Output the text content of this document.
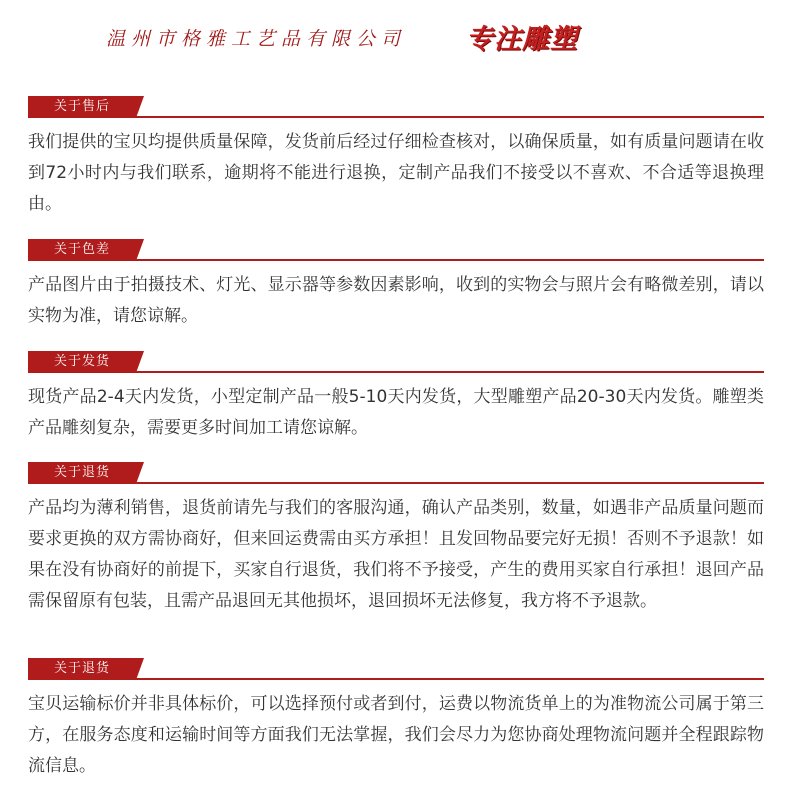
温州市格雅工艺品有限公司 专注雕塑
关于售后
我们提供的宝贝均提供质量保障，发货前后经过仔细检查核对，以确保质量，如有质量问题请在收到72小时内与我们联系，逾期将不能进行退换，定制产品我们不接受以不喜欢、不合适等退换理由。
关于色差
产品图片由于拍摄技术、灯光、显示器等参数因素影响，收到的实物会与照片会有略微差别，请以实物为准，请您谅解。
关于发货
现货产品2-4天内发货，小型定制产品一般5-10天内发货，大型雕塑产品20-30天内发货。雕塑类产品雕刻复杂，需要更多时间加工请您谅解。
关于退货
产品均为薄利销售，退货前请先与我们的客服沟通，确认产品类别，数量，如遇非产品质量问题而要求更换的双方需协商好，但来回运费需由买方承担！且发回物品要完好无损！否则不予退款！如果在没有协商好的前提下，买家自行退货，我们将不予接受，产生的费用买家自行承担！退回产品需保留原有包装，且需产品退回无其他损坏，退回损坏无法修复，我方将不予退款。
关于退货
宝贝运输标价并非具体标价，可以选择预付或者到付，运费以物流货单上的为准物流公司属于第三方，在服务态度和运输时间等方面我们无法掌握，我们会尽力为您协商处理物流问题并全程跟踪物流信息。
